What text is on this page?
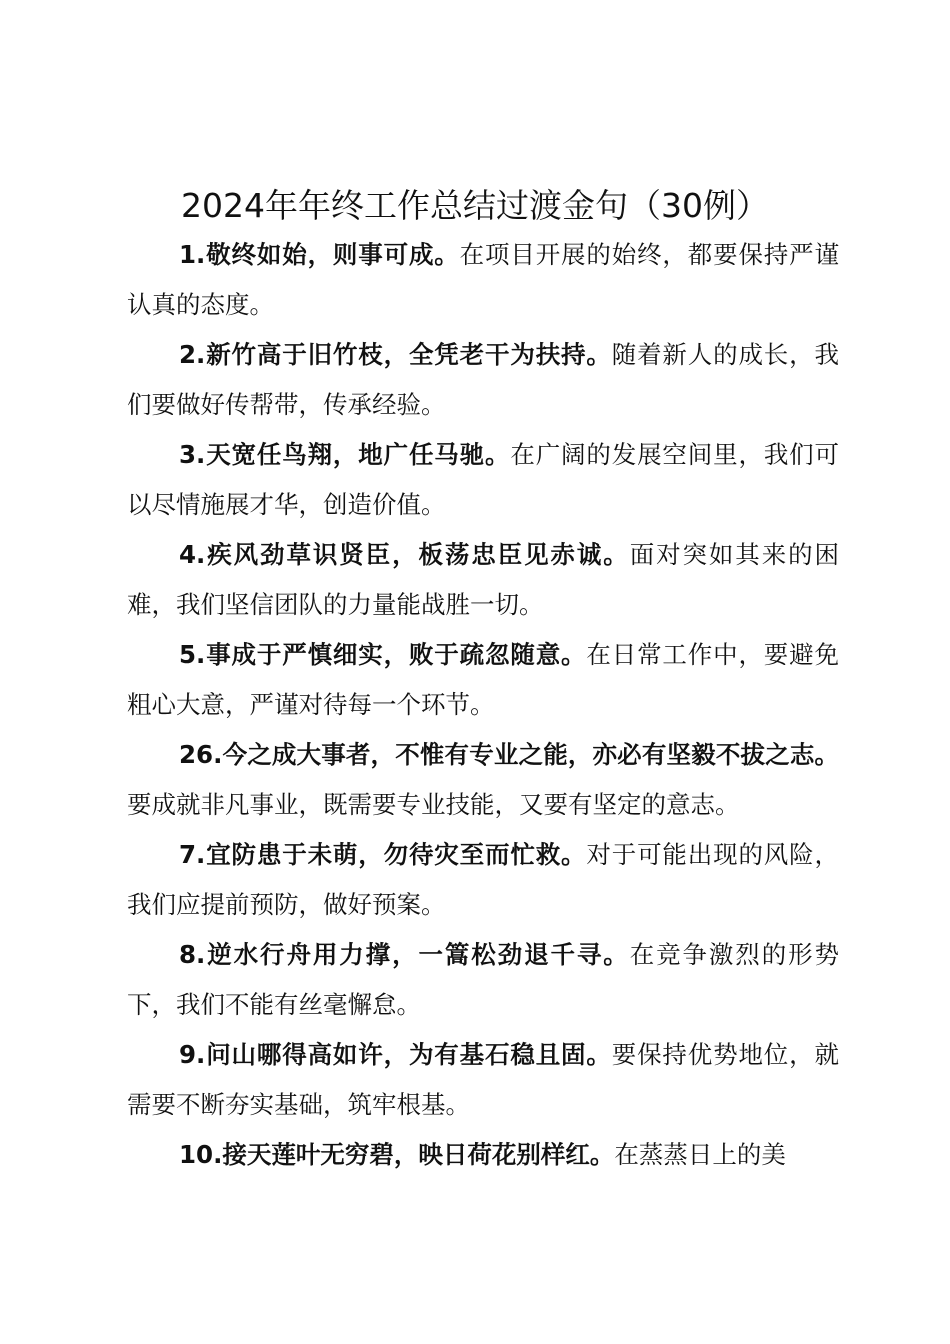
2024年年终工作总结过渡金句（30例）

1.敬终如始，则事可成。在项目开展的始终，都要保持严谨认真的态度。

2.新竹高于旧竹枝，全凭老干为扶持。随着新人的成长，我们要做好传帮带，传承经验。

3.天宽任鸟翔，地广任马驰。在广阔的发展空间里，我们可以尽情施展才华，创造价值。

4.疾风劲草识贤臣，板荡忠臣见赤诚。面对突如其来的困难，我们坚信团队的力量能战胜一切。

5.事成于严慎细实，败于疏忽随意。在日常工作中，要避免粗心大意，严谨对待每一个环节。

26.今之成大事者，不惟有专业之能，亦必有坚毅不拔之志。要成就非凡事业，既需要专业技能，又要有坚定的意志。

7.宜防患于未萌，勿待灾至而忙救。对于可能出现的风险，我们应提前预防，做好预案。

8.逆水行舟用力撑，一篙松劲退千寻。在竞争激烈的形势下，我们不能有丝毫懈怠。

9.问山哪得高如许，为有基石稳且固。要保持优势地位，就需要不断夯实基础，筑牢根基。

10.接天莲叶无穷碧，映日荷花别样红。在蒸蒸日上的美
